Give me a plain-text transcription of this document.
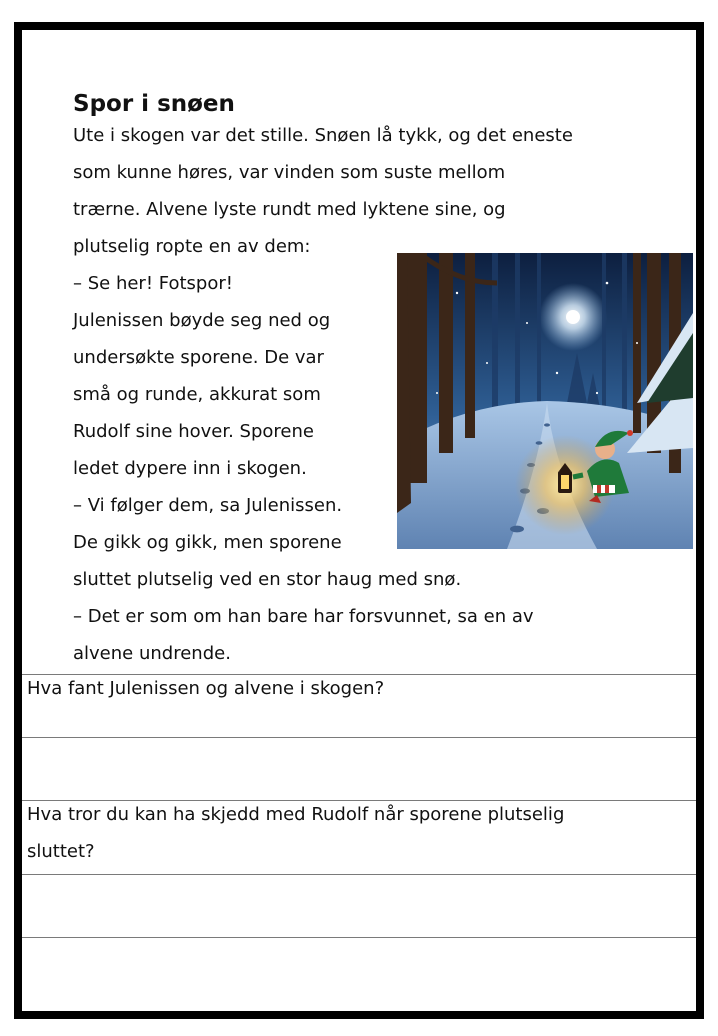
Spor i snøen
Ute i skogen var det stille. Snøen lå tykk, og det eneste
som kunne høres, var vinden som suste mellom
trærne. Alvene lyste rundt med lyktene sine, og
plutselig ropte en av dem:
– Se her! Fotspor!
Julenissen bøyde seg ned og
undersøkte sporene. De var
små og runde, akkurat som
Rudolf sine hover. Sporene
ledet dypere inn i skogen.
– Vi følger dem, sa Julenissen.
De gikk og gikk, men sporene
sluttet plutselig ved en stor haug med snø.
– Det er som om han bare har forsvunnet, sa en av
alvene undrende.
Hva fant Julenissen og alvene i skogen?
Hva tror du kan ha skjedd med Rudolf når sporene plutselig
sluttet?
